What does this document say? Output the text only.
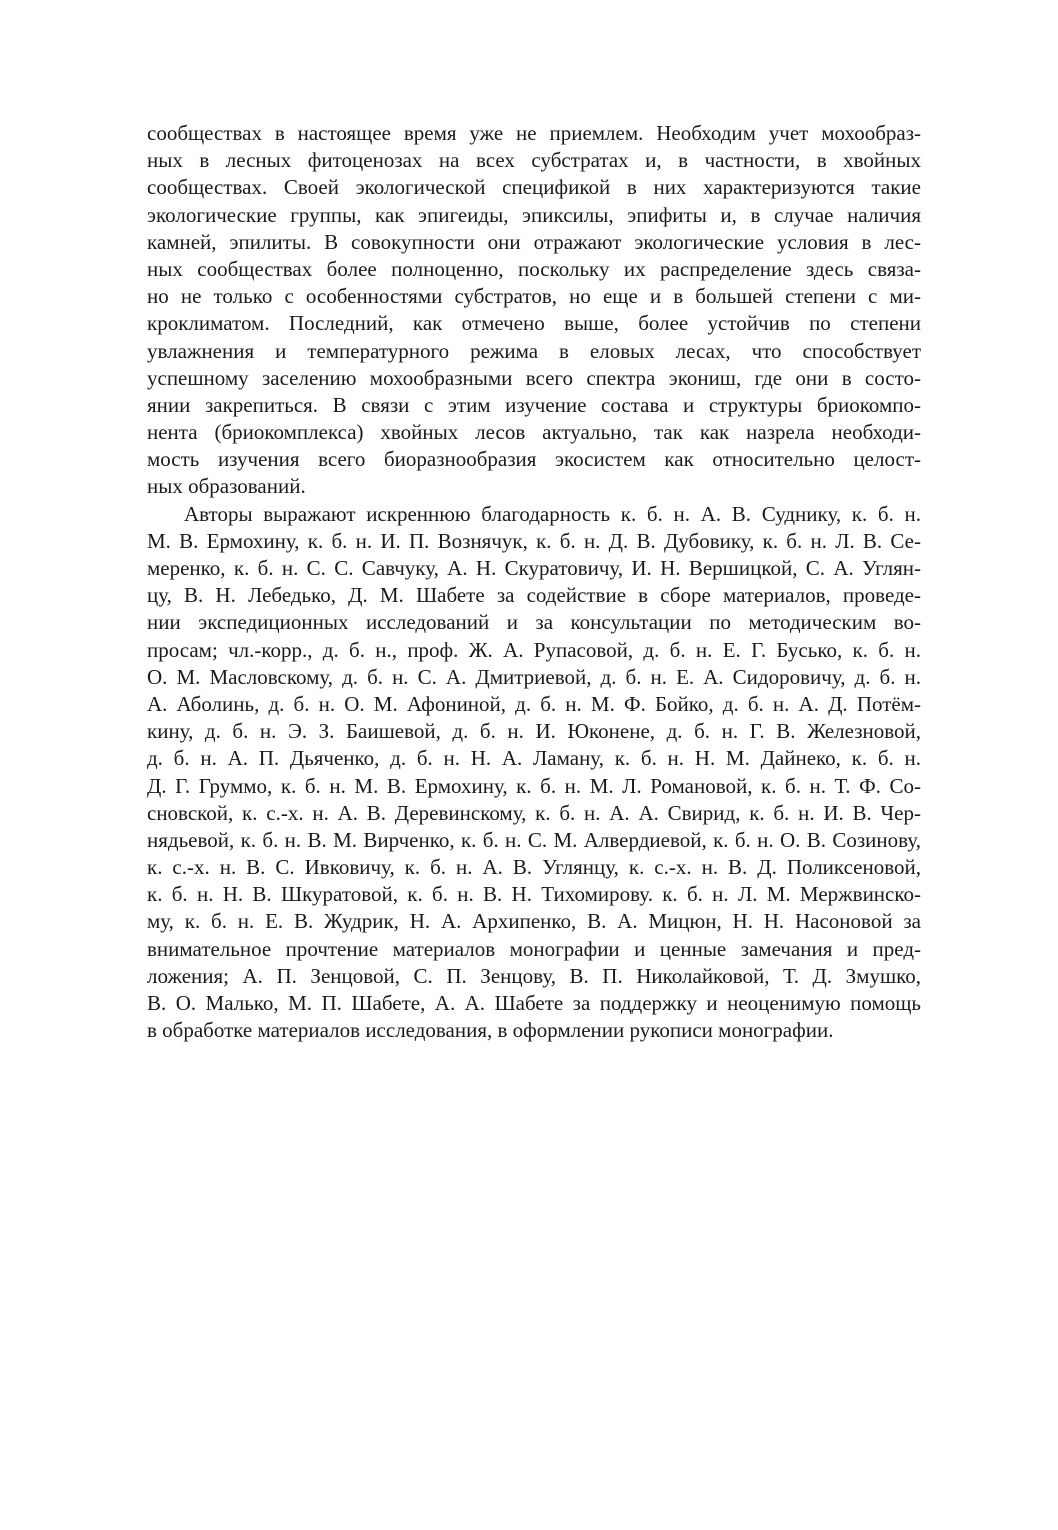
сообществах в настоящее время уже не приемлем. Необходим учет мохообраз-
ных в лесных фитоценозах на всех субстратах и, в частности, в хвойных
сообществах. Своей экологической спецификой в них характеризуются такие
экологические группы, как эпигеиды, эпиксилы, эпифиты и, в случае наличия
камней, эпилиты. В совокупности они отражают экологические условия в лес-
ных сообществах более полноценно, поскольку их распределение здесь связа-
но не только с особенностями субстратов, но еще и в большей степени с ми-
кроклиматом. Последний, как отмечено выше, более устойчив по степени
увлажнения и температурного режима в еловых лесах, что способствует
успешному заселению мохообразными всего спектра экониш, где они в состо-
янии закрепиться. В связи с этим изучение состава и структуры бриокомпо-
нента (бриокомплекса) хвойных лесов актуально, так как назрела необходи-
мость изучения всего биоразнообразия экосистем как относительно целост-
ных образований.
Авторы выражают искреннюю благодарность к. б. н. А. В. Суднику, к. б. н.
М. В. Ермохину, к. б. н. И. П. Вознячук, к. б. н. Д. В. Дубовику, к. б. н. Л. В. Се-
меренко, к. б. н. С. С. Савчуку, А. Н. Скуратовичу, И. Н. Вершицкой, С. А. Углян-
цу, В. Н. Лебедько, Д. М. Шабете за содействие в сборе материалов, проведе-
нии экспедиционных исследований и за консультации по методическим во-
просам; чл.-корр., д. б. н., проф. Ж. А. Рупасовой, д. б. н. Е. Г. Бусько, к. б. н.
О. М. Масловскому, д. б. н. С. А. Дмитриевой, д. б. н. Е. А. Сидоровичу, д. б. н.
А. Аболинь, д. б. н. О. М. Афониной, д. б. н. М. Ф. Бойко, д. б. н. А. Д. Потём-
кину, д. б. н. Э. З. Баишевой, д. б. н. И. Юконене, д. б. н. Г. В. Железновой,
д. б. н. А. П. Дьяченко, д. б. н. Н. А. Ламану, к. б. н. Н. М. Дайнеко, к. б. н.
Д. Г. Груммо, к. б. н. М. В. Ермохину, к. б. н. М. Л. Романовой, к. б. н. Т. Ф. Со-
сновской, к. с.-х. н. А. В. Деревинскому, к. б. н. А. А. Свирид, к. б. н. И. В. Чер-
нядьевой, к. б. н. В. М. Вирченко, к. б. н. С. М. Алвердиевой, к. б. н. О. В. Созинову,
к. с.-х. н. В. С. Ивковичу, к. б. н. А. В. Углянцу, к. с.-х. н. В. Д. Поликсеновой,
к. б. н. Н. В. Шкуратовой, к. б. н. В. Н. Тихомирову. к. б. н. Л. М. Мержвинско-
му, к. б. н. Е. В. Жудрик, Н. А. Архипенко, В. А. Мицюн, Н. Н. Насоновой за
внимательное прочтение материалов монографии и ценные замечания и пред-
ложения; А. П. Зенцовой, С. П. Зенцову, В. П. Николайковой, Т. Д. Змушко,
В. О. Малько, М. П. Шабете, А. А. Шабете за поддержку и неоценимую помощь
в обработке материалов исследования, в оформлении рукописи монографии.
